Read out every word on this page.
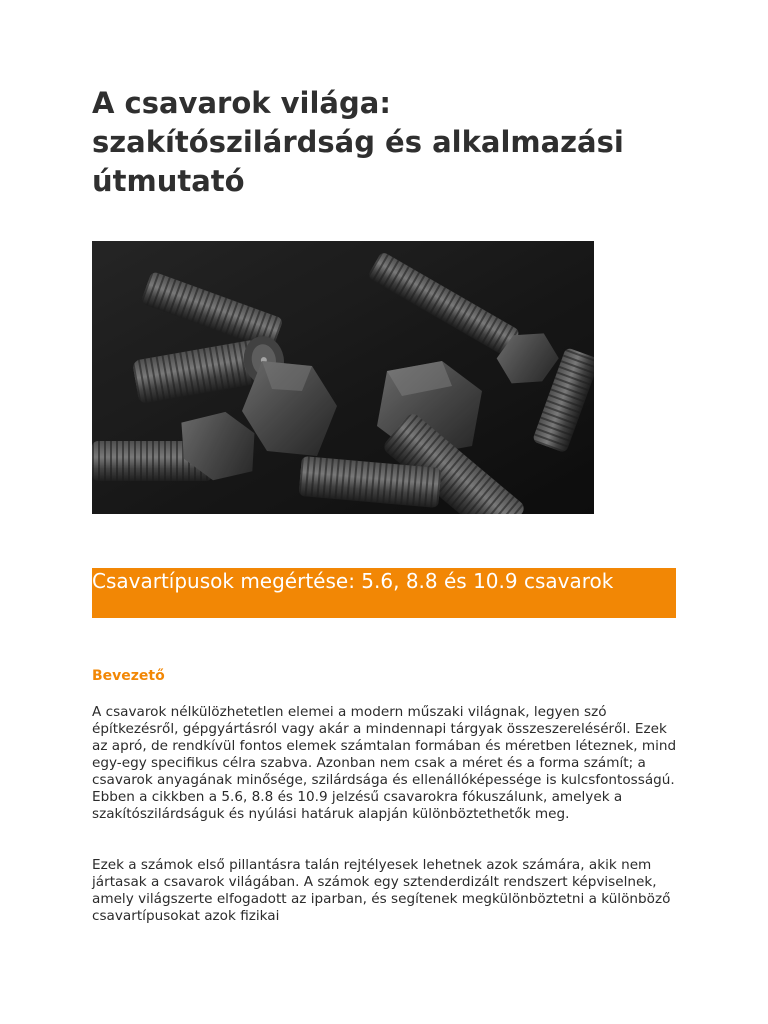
A csavarok világa: szakítószilárdság és alkalmazási útmutató
Csavartípusok megértése: 5.6, 8.8 és 10.9 csavarok
Bevezető

A csavarok nélkülözhetetlen elemei a modern műszaki világnak, legyen szó építkezésről, gépgyártásról vagy akár a mindennapi tárgyak összeszereléséről. Ezek az apró, de rendkívül fontos elemek számtalan formában és méretben léteznek, mind egy-egy specifikus célra szabva. Azonban nem csak a méret és a forma számít; a csavarok anyagának minősége, szilárdsága és ellenállóképessége is kulcsfontosságú. Ebben a cikkben a 5.6, 8.8 és 10.9 jelzésű csavarokra fókuszálunk, amelyek a szakítószilárdságuk és nyúlási határuk alapján különböztethetők meg.

Ezek a számok első pillantásra talán rejtélyesek lehetnek azok számára, akik nem jártasak a csavarok világában. A számok egy sztenderdizált rendszert képviselnek, amely világszerte elfogadott az iparban, és segítenek megkülönböztetni a különböző csavartípusokat azok fizikai
